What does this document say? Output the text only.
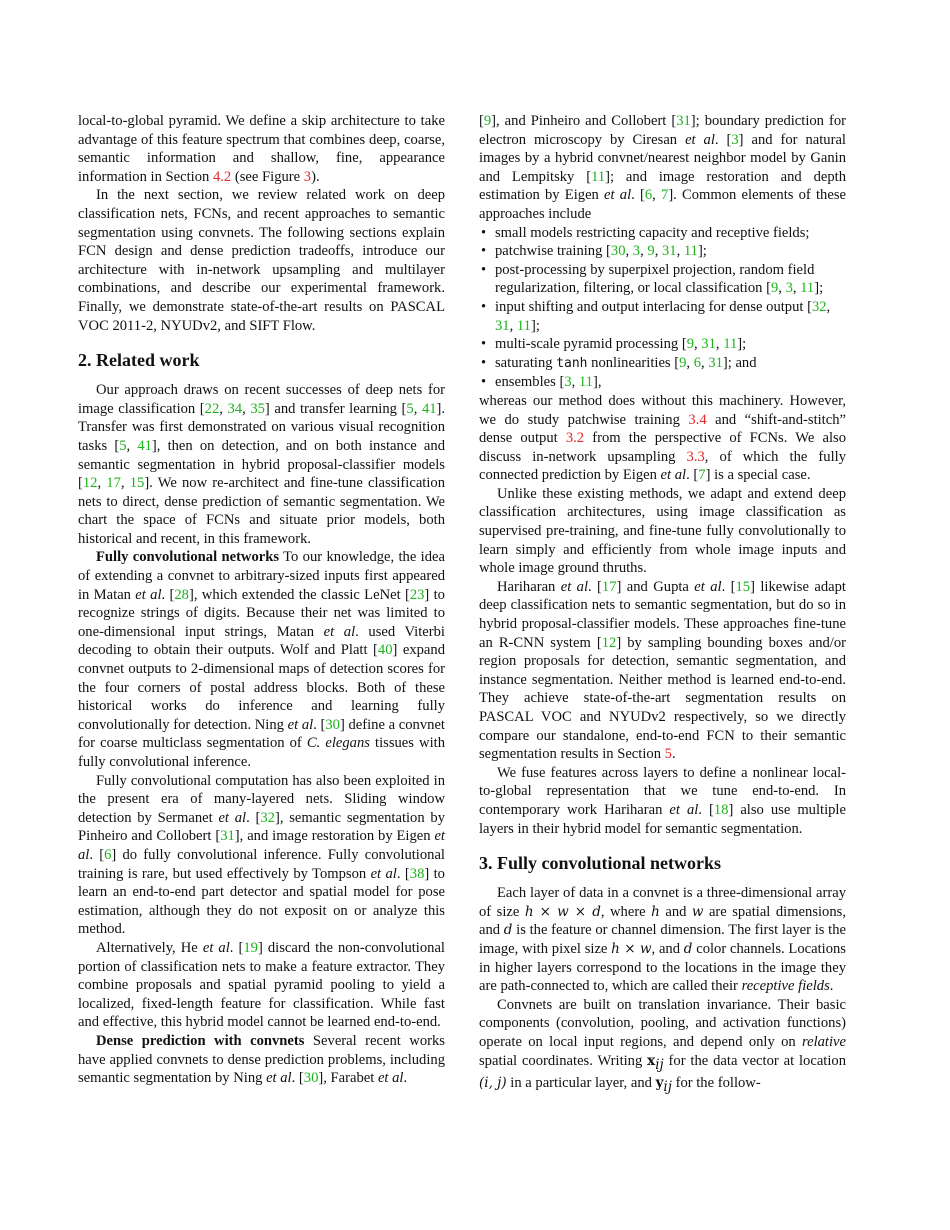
local-to-global pyramid. We define a skip architecture to take advantage of this feature spectrum that combines deep, coarse, semantic information and shallow, fine, appearance information in Section 4.2 (see Figure 3).

In the next section, we review related work on deep classification nets, FCNs, and recent approaches to semantic segmentation using convnets. The following sections explain FCN design and dense prediction tradeoffs, introduce our architecture with in-network upsampling and multilayer combinations, and describe our experimental framework. Finally, we demonstrate state-of-the-art results on PASCAL VOC 2011-2, NYUDv2, and SIFT Flow.

2. Related work

Our approach draws on recent successes of deep nets for image classification [22, 34, 35] and transfer learning [5, 41]. Transfer was first demonstrated on various visual recognition tasks [5, 41], then on detection, and on both instance and semantic segmentation in hybrid proposal-classifier models [12, 17, 15]. We now re-architect and fine-tune classification nets to direct, dense prediction of semantic segmentation. We chart the space of FCNs and situate prior models, both historical and recent, in this framework.

Fully convolutional networks To our knowledge, the idea of extending a convnet to arbitrary-sized inputs first appeared in Matan et al. [28], which extended the classic LeNet [23] to recognize strings of digits. Because their net was limited to one-dimensional input strings, Matan et al. used Viterbi decoding to obtain their outputs. Wolf and Platt [40] expand convnet outputs to 2-dimensional maps of detection scores for the four corners of postal address blocks. Both of these historical works do inference and learning fully convolutionally for detection. Ning et al. [30] define a convnet for coarse multiclass segmentation of C. elegans tissues with fully convolutional inference.

Fully convolutional computation has also been exploited in the present era of many-layered nets. Sliding window detection by Sermanet et al. [32], semantic segmentation by Pinheiro and Collobert [31], and image restoration by Eigen et al. [6] do fully convolutional inference. Fully convolutional training is rare, but used effectively by Tompson et al. [38] to learn an end-to-end part detector and spatial model for pose estimation, although they do not exposit on or analyze this method.

Alternatively, He et al. [19] discard the non-convolutional portion of classification nets to make a feature extractor. They combine proposals and spatial pyramid pooling to yield a localized, fixed-length feature for classification. While fast and effective, this hybrid model cannot be learned end-to-end.

Dense prediction with convnets Several recent works have applied convnets to dense prediction problems, including semantic segmentation by Ning et al. [30], Farabet et al.

[9], and Pinheiro and Collobert [31]; boundary prediction for electron microscopy by Ciresan et al. [3] and for natural images by a hybrid convnet/nearest neighbor model by Ganin and Lempitsky [11]; and image restoration and depth estimation by Eigen et al. [6, 7]. Common elements of these approaches include

• small models restricting capacity and receptive fields;
• patchwise training [30, 3, 9, 31, 11];
• post-processing by superpixel projection, random field regularization, filtering, or local classification [9, 3, 11];
• input shifting and output interlacing for dense output [32, 31, 11];
• multi-scale pyramid processing [9, 31, 11];
• saturating tanh nonlinearities [9, 6, 31]; and
• ensembles [3, 11],

whereas our method does without this machinery. However, we do study patchwise training 3.4 and “shift-and-stitch” dense output 3.2 from the perspective of FCNs. We also discuss in-network upsampling 3.3, of which the fully connected prediction by Eigen et al. [7] is a special case.

Unlike these existing methods, we adapt and extend deep classification architectures, using image classification as supervised pre-training, and fine-tune fully convolutionally to learn simply and efficiently from whole image inputs and whole image ground thruths.

Hariharan et al. [17] and Gupta et al. [15] likewise adapt deep classification nets to semantic segmentation, but do so in hybrid proposal-classifier models. These approaches fine-tune an R-CNN system [12] by sampling bounding boxes and/or region proposals for detection, semantic segmentation, and instance segmentation. Neither method is learned end-to-end. They achieve state-of-the-art segmentation results on PASCAL VOC and NYUDv2 respectively, so we directly compare our standalone, end-to-end FCN to their semantic segmentation results in Section 5.

We fuse features across layers to define a nonlinear local-to-global representation that we tune end-to-end. In contemporary work Hariharan et al. [18] also use multiple layers in their hybrid model for semantic segmentation.

3. Fully convolutional networks

Each layer of data in a convnet is a three-dimensional array of size h × w × d, where h and w are spatial dimensions, and d is the feature or channel dimension. The first layer is the image, with pixel size h × w, and d color channels. Locations in higher layers correspond to the locations in the image they are path-connected to, which are called their receptive fields.

Convnets are built on translation invariance. Their basic components (convolution, pooling, and activation functions) operate on local input regions, and depend only on relative spatial coordinates. Writing $x_{ij}$ for the data vector at location (i, j) in a particular layer, and $y_{ij}$ for the follow-
